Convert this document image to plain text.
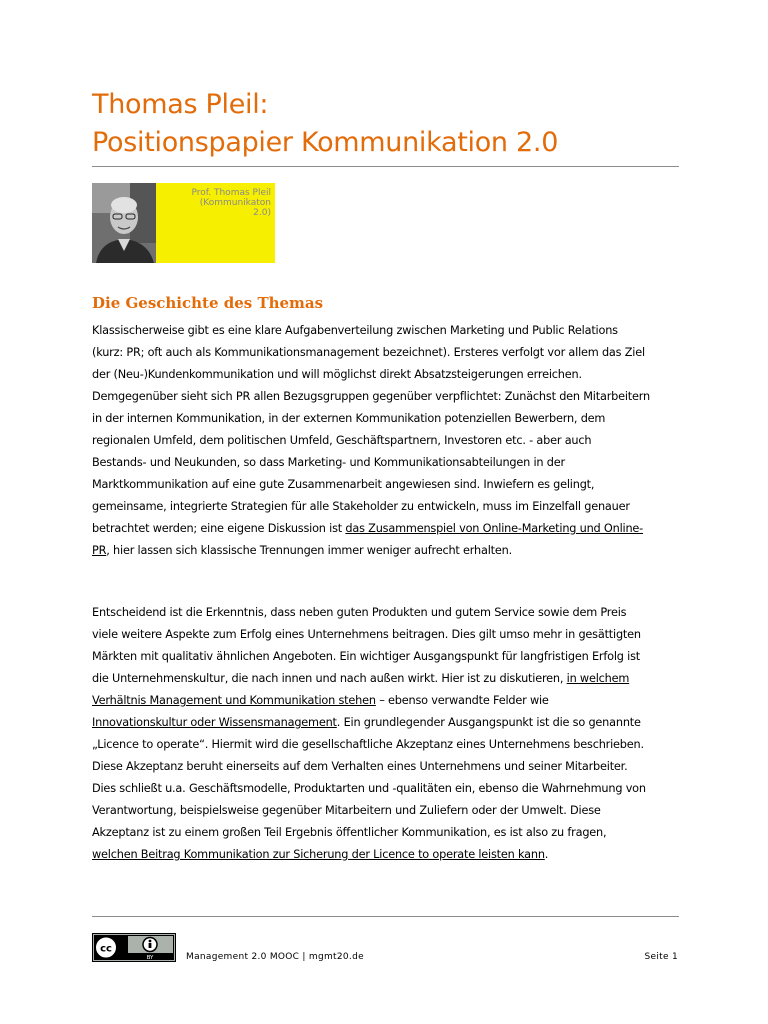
Thomas Pleil:
Positionspapier Kommunikation 2.0
Prof. Thomas Pleil
(Kommunikaton 2.0)
Die Geschichte des Themas
Klassischerweise gibt es eine klare Aufgabenverteilung zwischen Marketing und Public Relations
(kurz: PR; oft auch als Kommunikationsmanagement bezeichnet). Ersteres verfolgt vor allem das Ziel
der (Neu-)Kundenkommunikation und will möglichst direkt Absatzsteigerungen erreichen.
Demgegenüber sieht sich PR allen Bezugsgruppen gegenüber verpflichtet: Zunächst den Mitarbeitern
in der internen Kommunikation, in der externen Kommunikation potenziellen Bewerbern, dem
regionalen Umfeld, dem politischen Umfeld, Geschäftspartnern, Investoren etc. - aber auch
Bestands- und Neukunden, so dass Marketing- und Kommunikationsabteilungen in der
Marktkommunikation auf eine gute Zusammenarbeit angewiesen sind. Inwiefern es gelingt,
gemeinsame, integrierte Strategien für alle Stakeholder zu entwickeln, muss im Einzelfall genauer
betrachtet werden; eine eigene Diskussion ist das Zusammenspiel von Online-Marketing und Online-
PR, hier lassen sich klassische Trennungen immer weniger aufrecht erhalten.
Entscheidend ist die Erkenntnis, dass neben guten Produkten und gutem Service sowie dem Preis
viele weitere Aspekte zum Erfolg eines Unternehmens beitragen. Dies gilt umso mehr in gesättigten
Märkten mit qualitativ ähnlichen Angeboten. Ein wichtiger Ausgangspunkt für langfristigen Erfolg ist
die Unternehmenskultur, die nach innen und nach außen wirkt. Hier ist zu diskutieren, in welchem
Verhältnis Management und Kommunikation stehen – ebenso verwandte Felder wie
Innovationskultur oder Wissensmanagement. Ein grundlegender Ausgangspunkt ist die so genannte
„Licence to operate“. Hiermit wird die gesellschaftliche Akzeptanz eines Unternehmens beschrieben.
Diese Akzeptanz beruht einerseits auf dem Verhalten eines Unternehmens und seiner Mitarbeiter.
Dies schließt u.a. Geschäftsmodelle, Produktarten und -qualitäten ein, ebenso die Wahrnehmung von
Verantwortung, beispielsweise gegenüber Mitarbeitern und Zuliefern oder der Umwelt. Diese
Akzeptanz ist zu einem großen Teil Ergebnis öffentlicher Kommunikation, es ist also zu fragen,
welchen Beitrag Kommunikation zur Sicherung der Licence to operate leisten kann.
cc
BY	Management 2.0 MOOC | mgmt20.de	Seite 1
